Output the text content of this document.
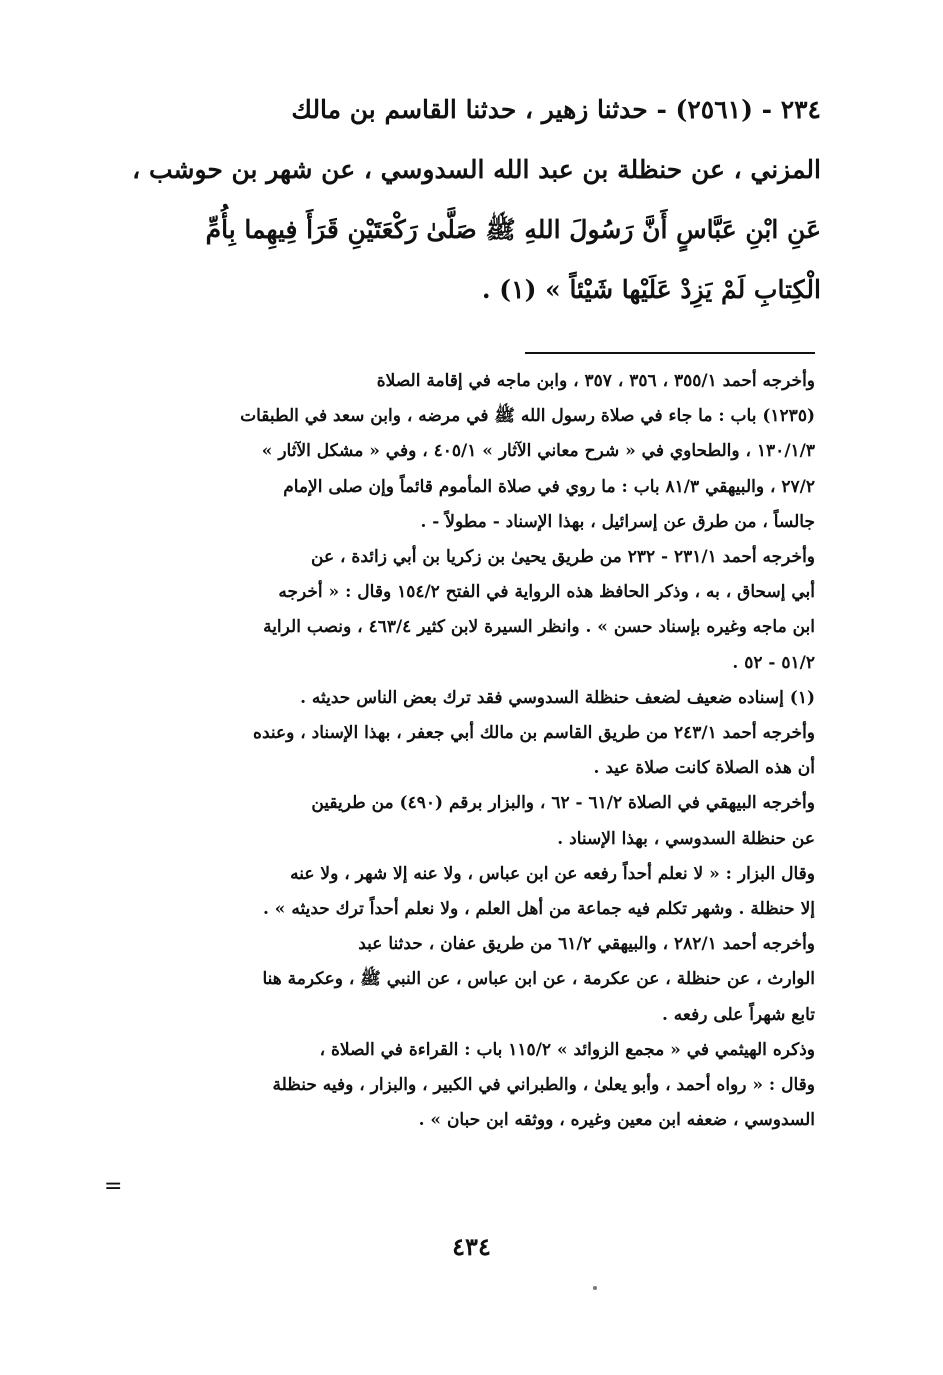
٢٣٤ - (٢٥٦١) - حدثنا زهير ، حدثنا القاسم بن مالك
المزني ، عن حنظلة بن عبد الله السدوسي ، عن شهر بن حوشب ،
عَنِ ابْنِ عَبَّاسٍ أَنَّ رَسُولَ اللهِ ﷺ صَلَّىٰ رَكْعَتَيْنِ قَرَأَ فِيهِما بِأُمِّ
الْكِتابِ لَمْ يَزِدْ عَلَيْها شَيْئاً » (١) .
وأخرجه أحمد ٣٥٥/١ ، ٣٥٦ ، ٣٥٧ ، وابن ماجه في إقامة الصلاة
(١٢٣٥) باب : ما جاء في صلاة رسول الله ﷺ في مرضه ، وابن سعد في الطبقات
١٣٠/١/٣ ، والطحاوي في « شرح معاني الآثار » ٤٠٥/١ ، وفي « مشكل الآثار »
٢٧/٢ ، والبيهقي ٨١/٣ باب : ما روي في صلاة المأموم قائماً وإن صلى الإمام
جالساً ، من طرق عن إسرائيل ، بهذا الإسناد - مطولاً - .
وأخرجه أحمد ٢٣١/١ - ٢٣٢ من طريق يحيىٰ بن زكريا بن أبي زائدة ، عن
أبي إسحاق ، به ، وذكر الحافظ هذه الرواية في الفتح ١٥٤/٢ وقال : « أخرجه
ابن ماجه وغيره بإسناد حسن » . وانظر السيرة لابن كثير ٤٦٣/٤ ، ونصب الراية
٥١/٢ - ٥٢ .
(١) إسناده ضعيف لضعف حنظلة السدوسي فقد ترك بعض الناس حديثه .
وأخرجه أحمد ٢٤٣/١ من طريق القاسم بن مالك أبي جعفر ، بهذا الإسناد ، وعنده
أن هذه الصلاة كانت صلاة عيد .
وأخرجه البيهقي في الصلاة ٦١/٢ - ٦٢ ، والبزار برقم (٤٩٠) من طريقين
عن حنظلة السدوسي ، بهذا الإسناد .
وقال البزار : « لا نعلم أحداً رفعه عن ابن عباس ، ولا عنه إلا شهر ، ولا عنه
إلا حنظلة . وشهر تكلم فيه جماعة من أهل العلم ، ولا نعلم أحداً ترك حديثه » .
وأخرجه أحمد ٢٨٢/١ ، والبيهقي ٦١/٢ من طريق عفان ، حدثنا عبد
الوارث ، عن حنظلة ، عن عكرمة ، عن ابن عباس ، عن النبي ﷺ ، وعكرمة هنا
تابع شهراً على رفعه .
وذكره الهيثمي في « مجمع الزوائد » ١١٥/٢ باب : القراءة في الصلاة ،
وقال : « رواه أحمد ، وأبو يعلىٰ ، والطبراني في الكبير ، والبزار ، وفيه حنظلة
السدوسي ، ضعفه ابن معين وغيره ، ووثقه ابن حبان » .
=
٤٣٤
